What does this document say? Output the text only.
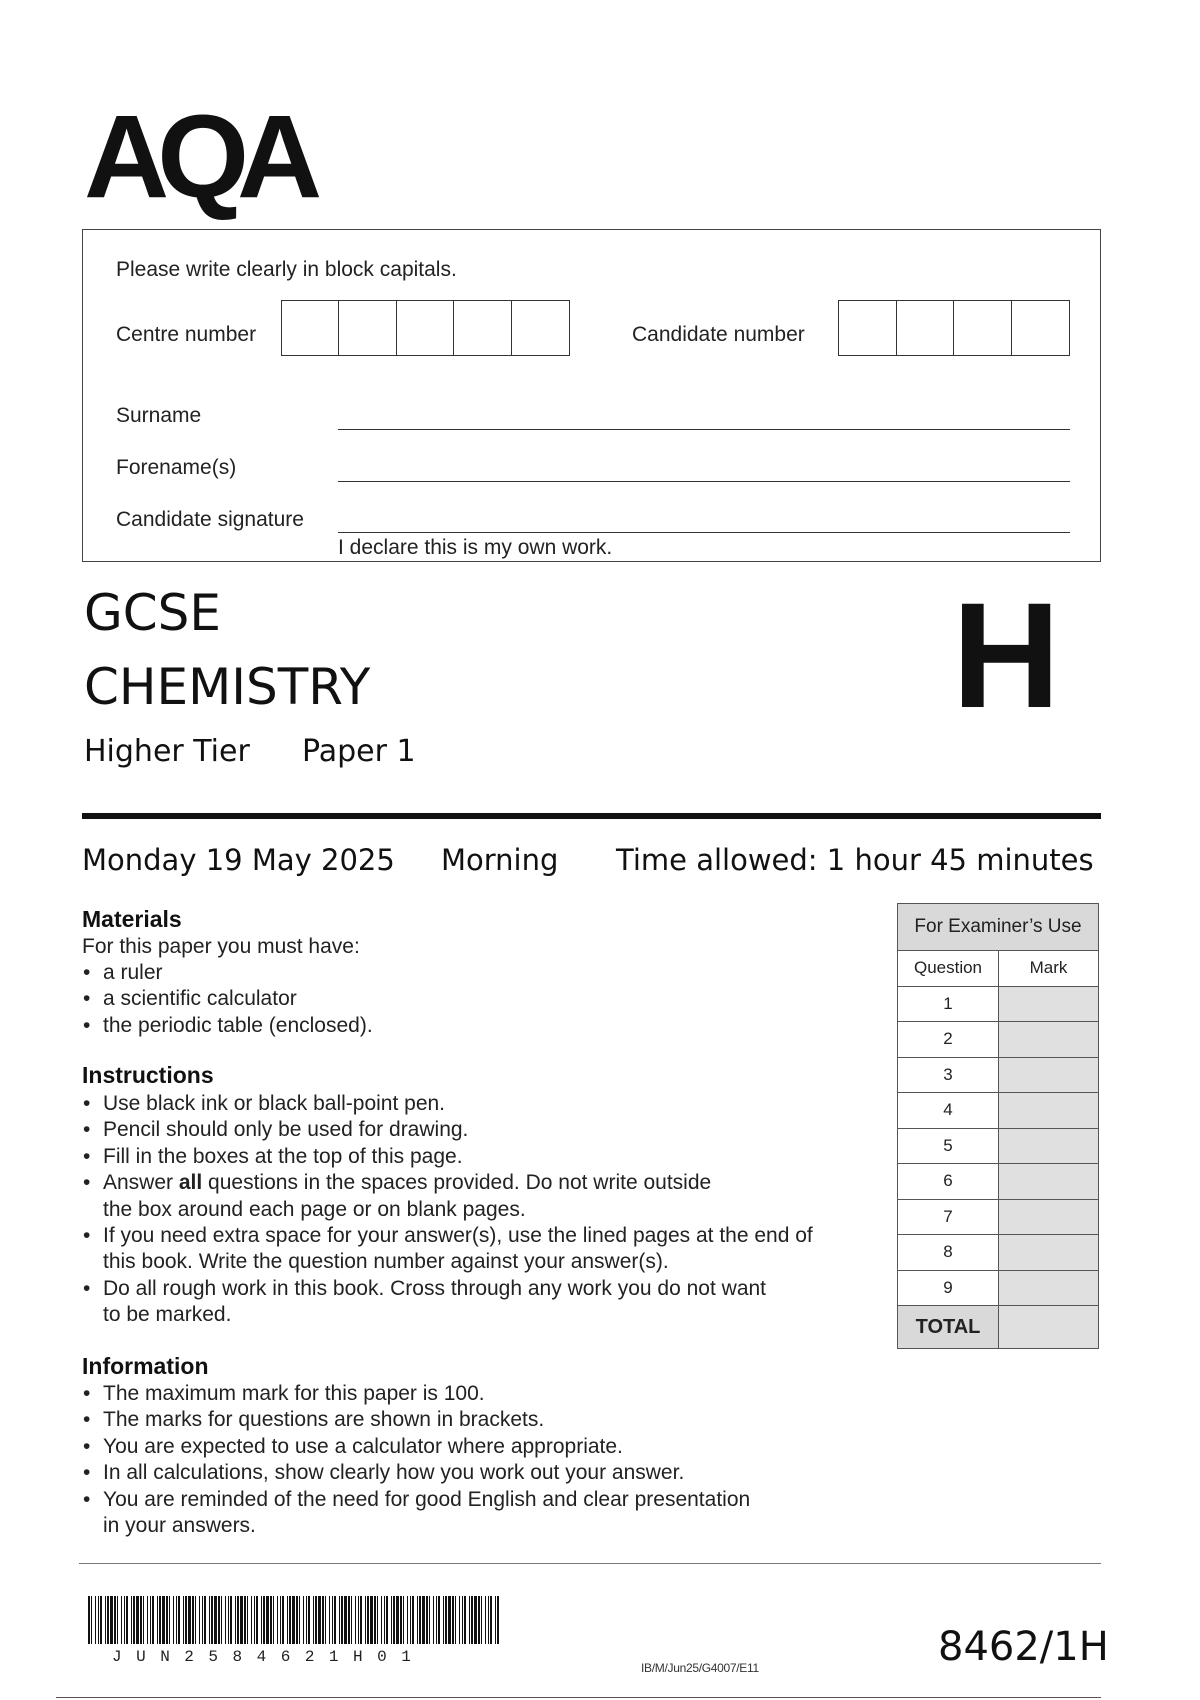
AQA
Please write clearly in block capitals.
Centre number	Candidate number
Surname
Forename(s)
Candidate signature
I declare this is my own work.
GCSE
CHEMISTRY
Higher Tier Paper 1
H
Monday 19 May 2025 Morning Time allowed: 1 hour 45 minutes
Materials
For this paper you must have:
• a ruler
• a scientific calculator
• the periodic table (enclosed).
Instructions
• Use black ink or black ball-point pen.
• Pencil should only be used for drawing.
• Fill in the boxes at the top of this page.
• Answer all questions in the spaces provided. Do not write outside
the box around each page or on blank pages.
• If you need extra space for your answer(s), use the lined pages at the end of
this book. Write the question number against your answer(s).
• Do all rough work in this book. Cross through any work you do not want
to be marked.
Information
• The maximum mark for this paper is 100.
• The marks for questions are shown in brackets.
• You are expected to use a calculator where appropriate.
• In all calculations, show clearly how you work out your answer.
• You are reminded of the need for good English and clear presentation
in your answers.
For Examiner’s Use
Question	Mark
1
2
3
4
5
6
7
8
9
TOTAL
JUN2584621H01
IB/M/Jun25/G4007/E11	8462/1H
